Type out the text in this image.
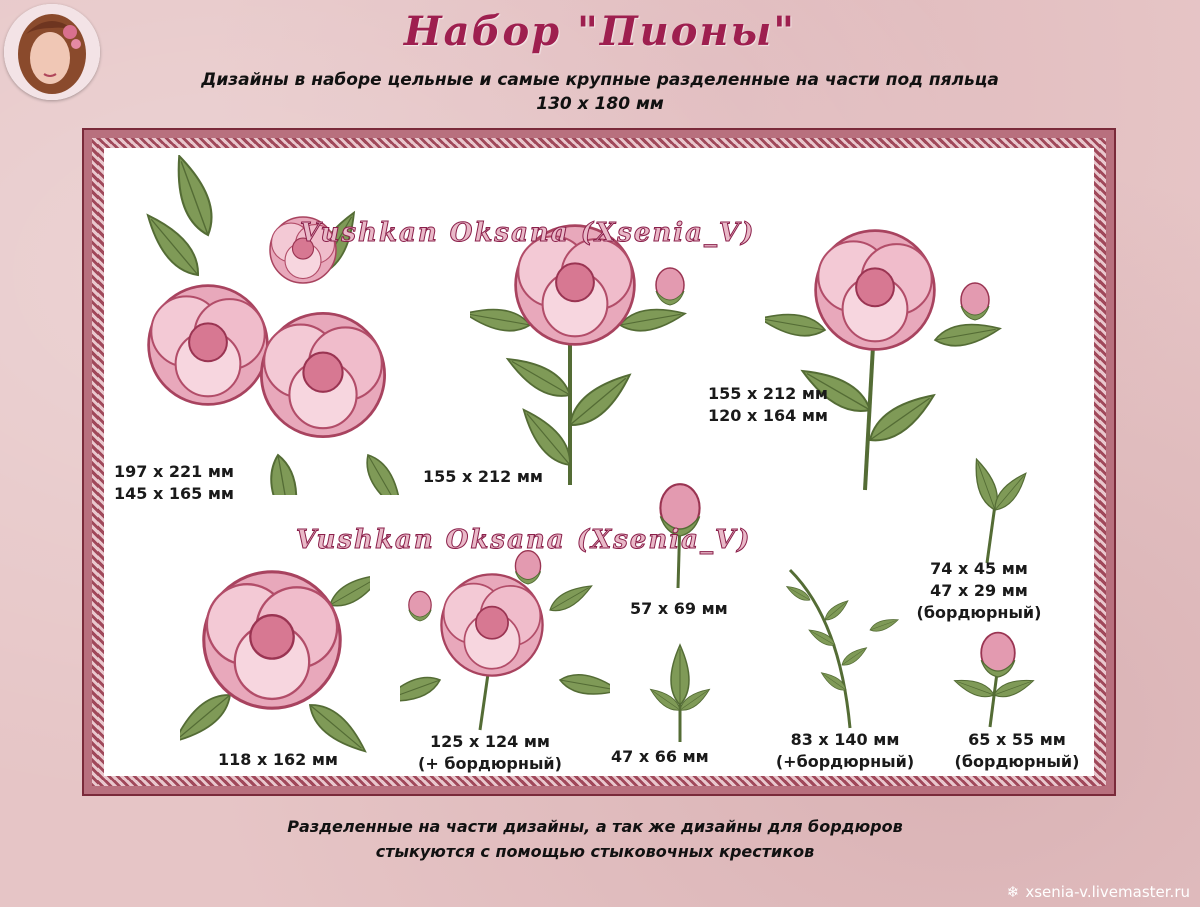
Набор "Пионы"
Дизайны в наборе цельные и самые крупные разделенные на части под пяльца
130 x 180 мм
Vushkan Oksana (Xsenia_V)
Vushkan Oksana (Xsenia_V)
197 x 221 мм
145 x 165 мм
155 x 212 мм
155 x 212 мм
120 x 164 мм
57 x 69 мм
74 x 45 мм
47 x 29 мм
(бордюрный)
118 x 162 мм
125 x 124 мм
(+ бордюрный)	47 x 66 мм
83 x 140 мм
(+бордюрный)
65 x 55 мм
(бордюрный)
Разделенные на части дизайны, а так же дизайны для бордюров
стыкуются с помощью стыковочных крестиков
❄ xsenia-v.livemaster.ru
